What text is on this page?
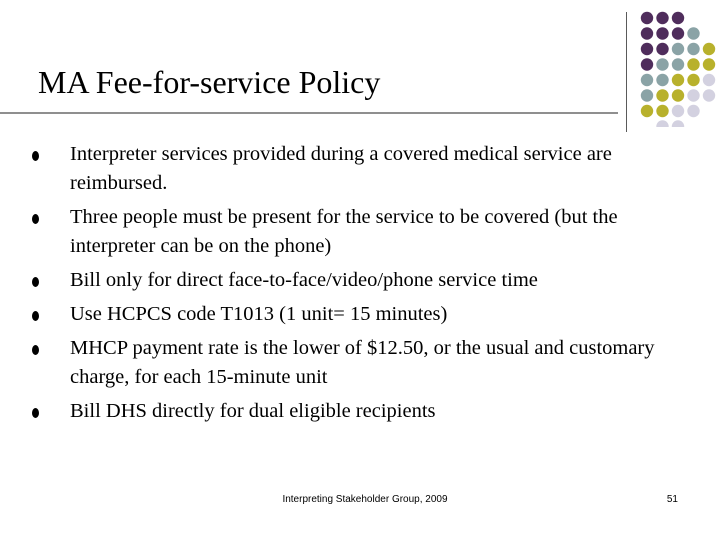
MA Fee-for-service Policy
Interpreter services provided during a covered medical service are reimbursed.
Three people must be present for the service to be covered (but the interpreter can be on the phone)
Bill only for direct face-to-face/video/phone service time
Use HCPCS code T1013 (1 unit= 15 minutes)
MHCP payment rate is the lower of $12.50, or the usual and customary charge, for each 15-minute unit
Bill DHS directly for dual eligible recipients
Interpreting Stakeholder Group, 2009	51
